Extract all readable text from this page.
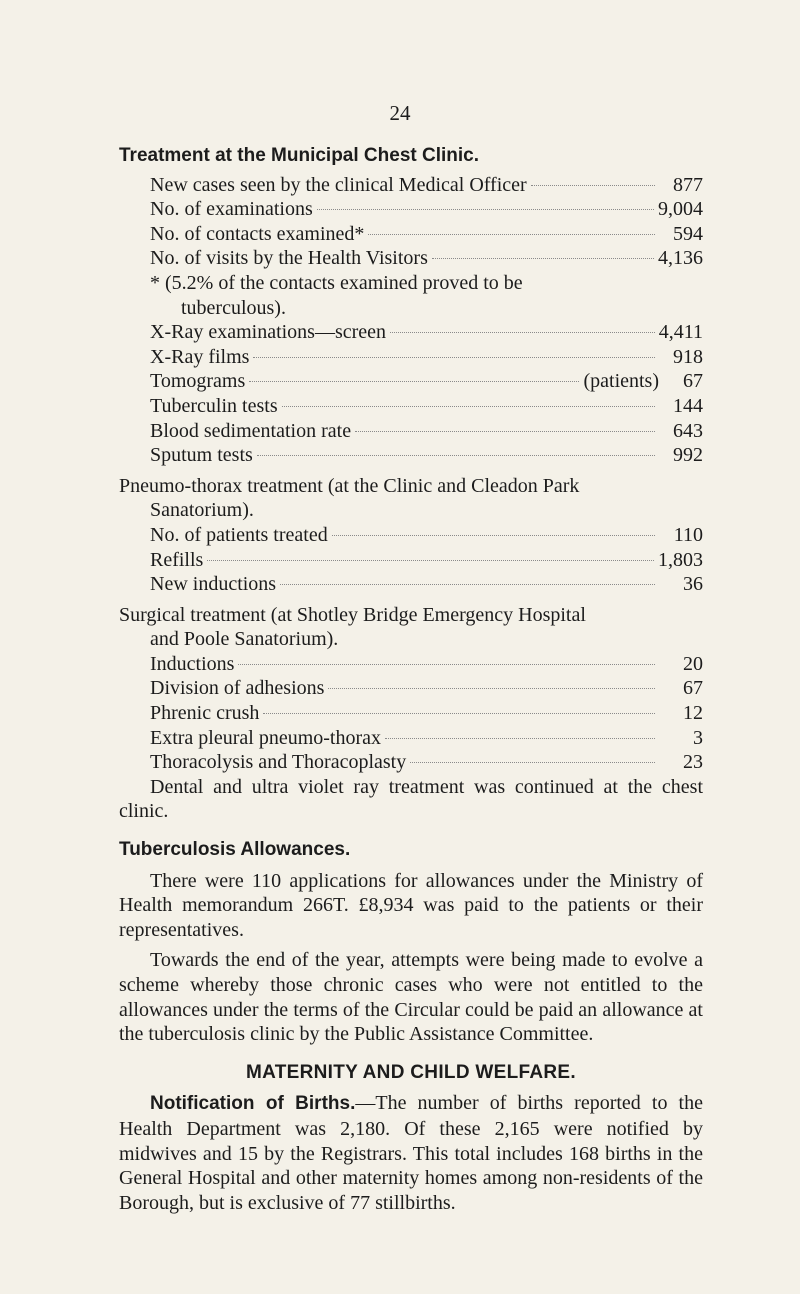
24
Treatment at the Municipal Chest Clinic.
New cases seen by the clinical Medical Officer	877
No. of examinations	9,004
No. of contacts examined*	594
No. of visits by the Health Visitors	4,136
* (5.2% of the contacts examined proved to be
tuberculous).
X-Ray examinations—screen	4,411
X-Ray films	918
Tomograms	(patients)	67
Tuberculin tests	144
Blood sedimentation rate	643
Sputum tests	992
Pneumo-thorax treatment (at the Clinic and Cleadon Park
Sanatorium).
No. of patients treated	110
Refills	1,803
New inductions	36
Surgical treatment (at Shotley Bridge Emergency Hospital
and Poole Sanatorium).
Inductions	20
Division of adhesions	67
Phrenic crush	12
Extra pleural pneumo-thorax	3
Thoracolysis and Thoracoplasty	23
Dental and ultra violet ray treatment was continued at the chest clinic.
Tuberculosis Allowances.
There were 110 applications for allowances under the Ministry of Health memorandum 266T. £8,934 was paid to the patients or their representatives.
Towards the end of the year, attempts were being made to evolve a scheme whereby those chronic cases who were not entitled to the allowances under the terms of the Circular could be paid an allowance at the tuberculosis clinic by the Public Assistance Committee.
MATERNITY AND CHILD WELFARE.
Notification of Births.—The number of births reported to the Health Department was 2,180. Of these 2,165 were notified by midwives and 15 by the Registrars. This total includes 168 births in the General Hospital and other maternity homes among non-residents of the Borough, but is exclusive of 77 stillbirths.
